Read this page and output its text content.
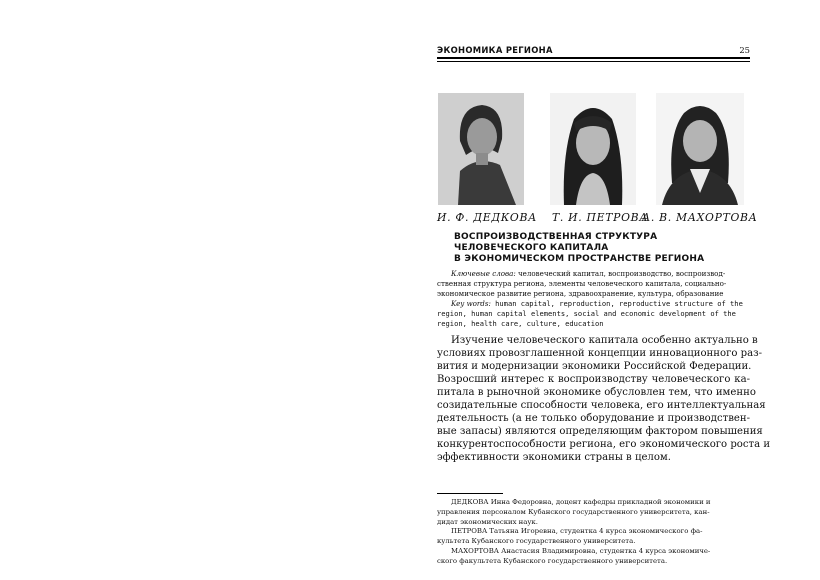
ЭКОНОМИКА РЕГИОНА	25
И. Ф. ДЕДКОВА Т. И. ПЕТРОВА
А. В. МАХОРТОВА
ВОСПРОИЗВОДСТВЕННАЯ СТРУКТУРА
ЧЕЛОВЕЧЕСКОГО КАПИТАЛА
В ЭКОНОМИЧЕСКОМ ПРОСТРАНСТВЕ РЕГИОНА
Ключевые слова: человеческий капитал, воспроизводство, воспроизвод-
ственная структура региона, элементы человеческого капитала, социально-
экономическое развитие региона, здравоохранение, культура, образование
Key words: human capital, reproduction, reproductive structure of the
region, human capital elements, social and economic development of the
region, health care, culture, education
Изучение человеческого капитала особенно актуально в
условиях провозглашенной концепции инновационного раз-
вития и модернизации экономики Российской Федерации.
Возросший интерес к воспроизводству человеческого ка-
питала в рыночной экономике обусловлен тем, что именно
созидательные способности человека, его интеллектуальная
деятельность (а не только оборудование и производствен-
вые запасы) являются определяющим фактором повышения
конкурентоспособности региона, его экономического роста и
эффективности экономики страны в целом.
ДЕДКОВА Инна Федоровна, доцент кафедры прикладной экономики и
управления персоналом Кубанского государственного университета, кан-
дидат экономических наук.
ПЕТРОВА Татьяна Игоревна, студентка 4 курса экономического фа-
культета Кубанского государственного университета.
МАХОРТОВА Анастасия Владимировна, студентка 4 курса экономиче-
ского факультета Кубанского государственного университета.
